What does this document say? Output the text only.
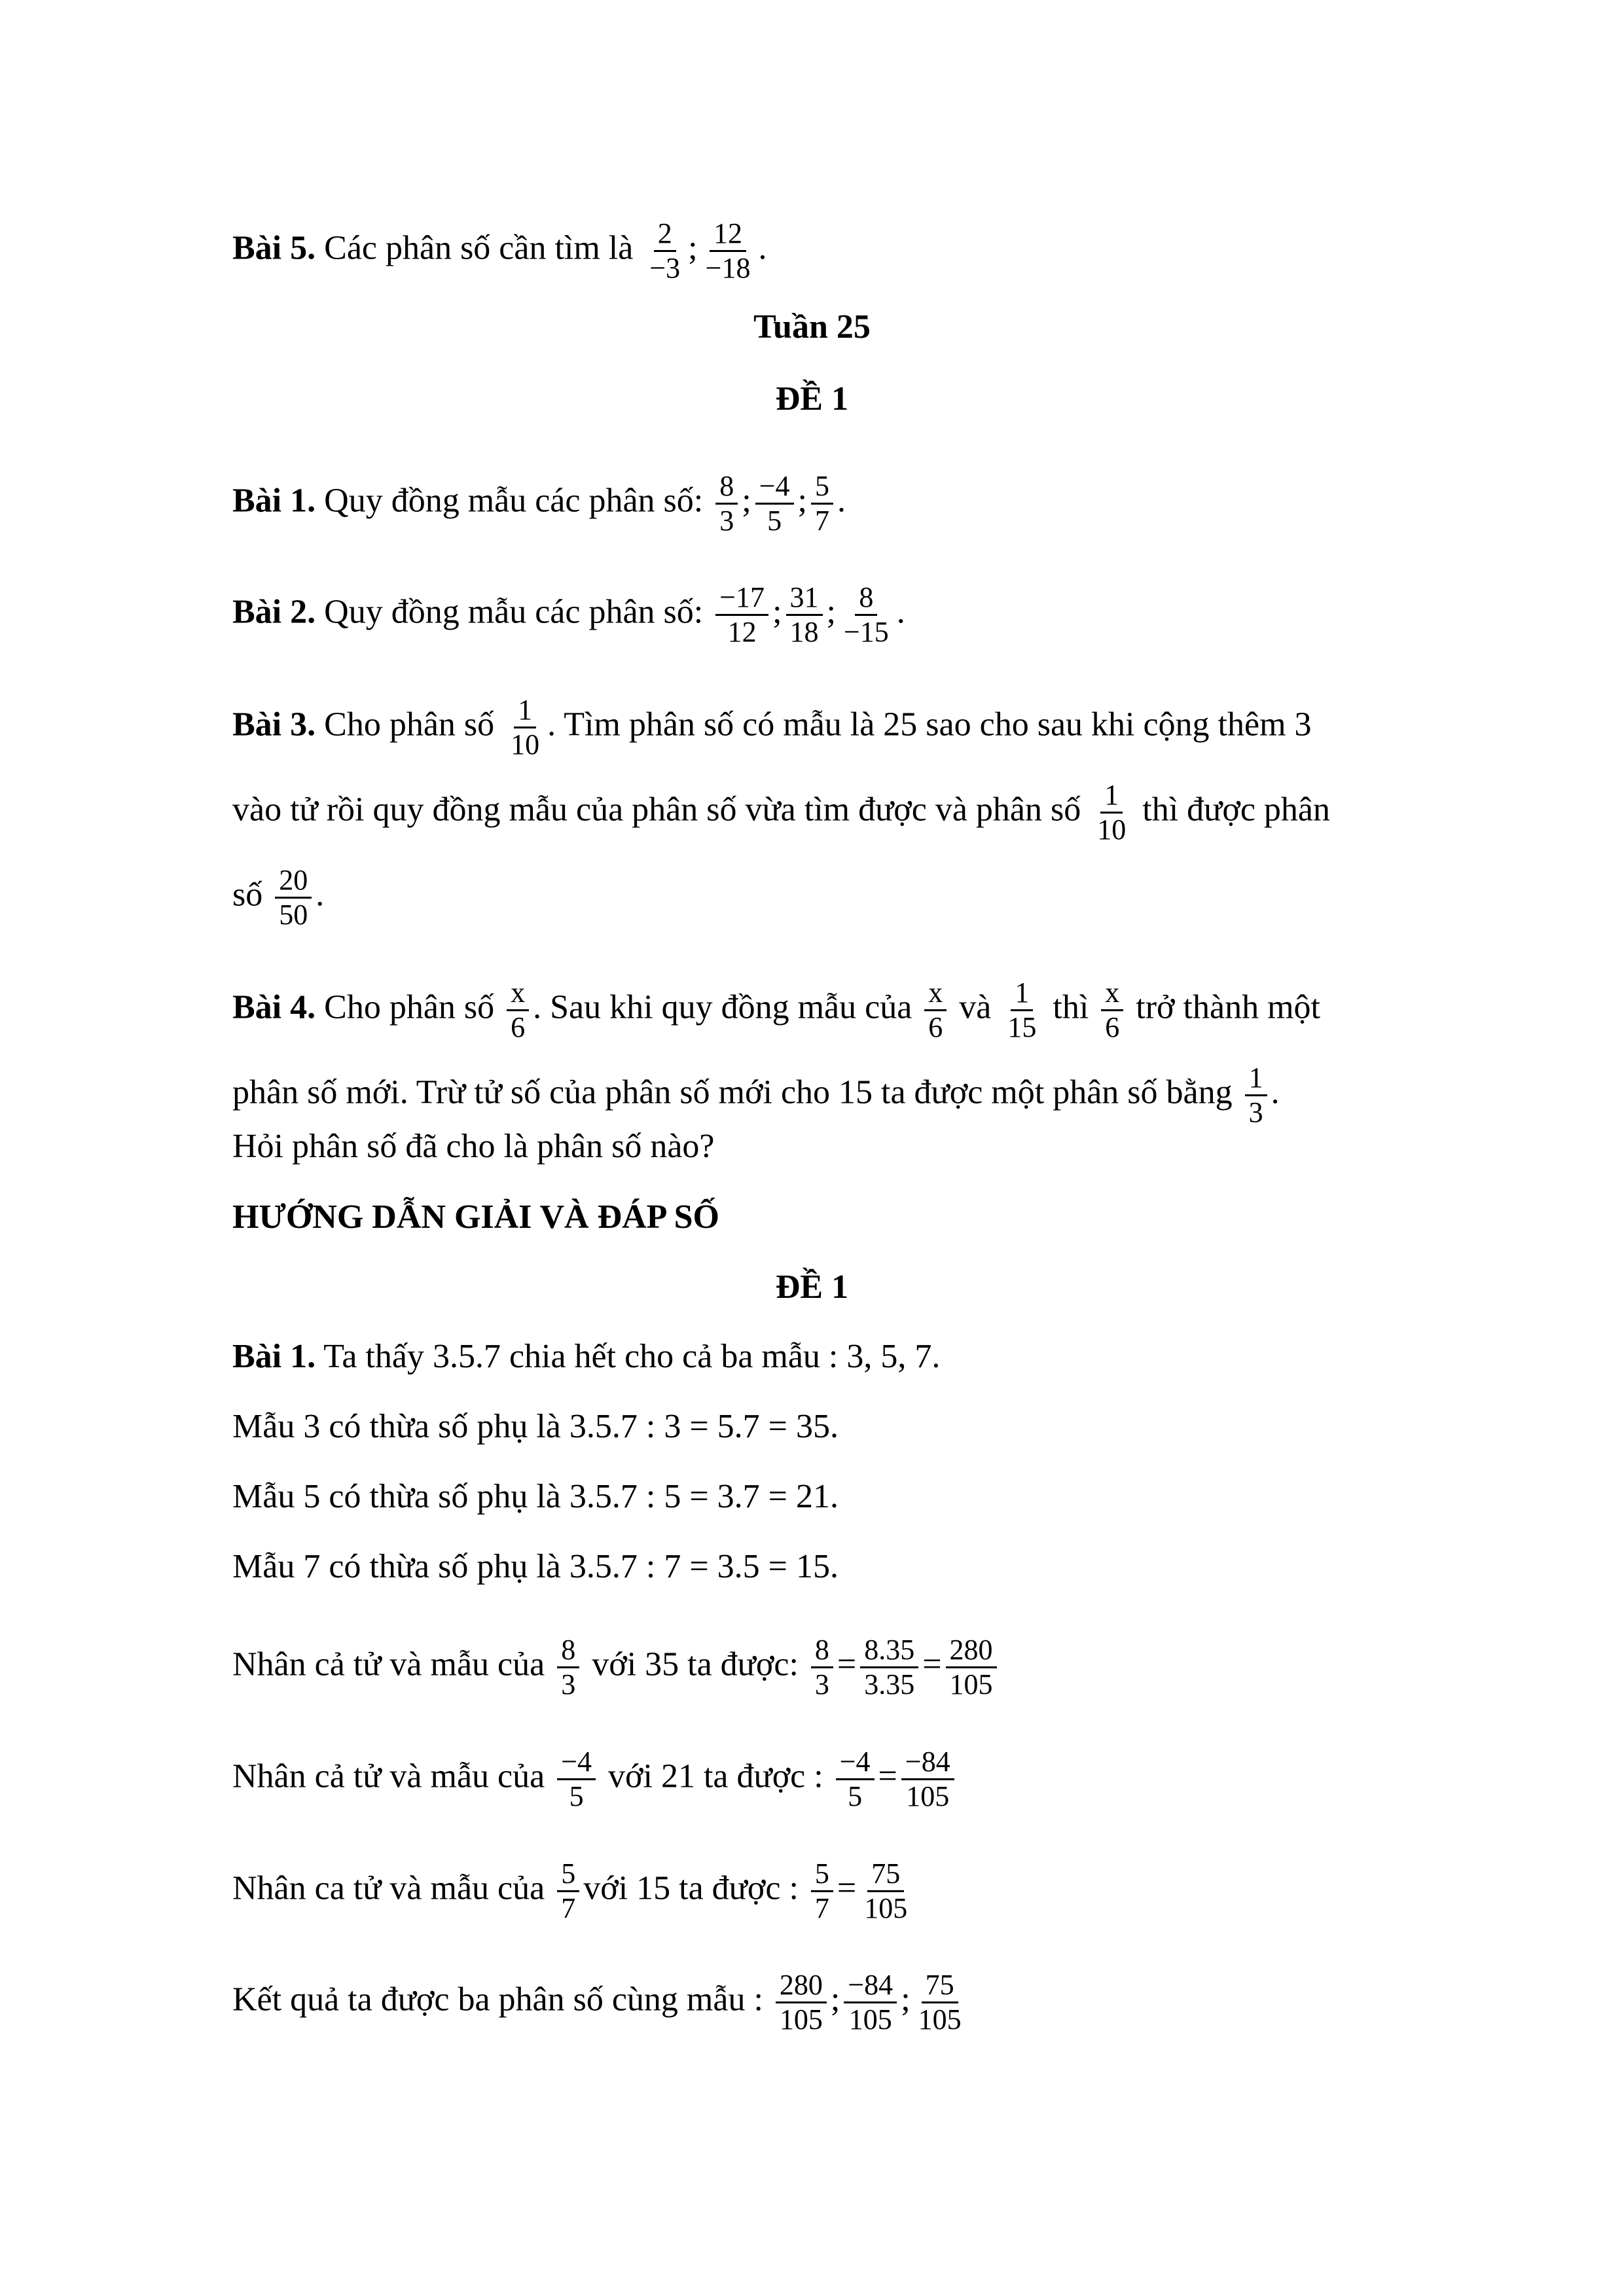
Bài 5. Các phân số cần tìm là $\frac{2}{-3}$ ; $\frac{12}{-18}$ .
Tuần 25
ĐỀ 1
Bài 1. Quy đồng mẫu các phân số: $\frac{8}{3}$ ; $\frac{-4}{5}$ ; $\frac{5}{7}$ .
Bài 2. Quy đồng mẫu các phân số: $\frac{-17}{12}$ ; $\frac{31}{18}$ ; $\frac{8}{-15}$ .
Bài 3. Cho phân số $\frac{1}{10}$ . Tìm phân số có mẫu là 25 sao cho sau khi cộng thêm 3
vào tử rồi quy đồng mẫu của phân số vừa tìm được và phân số $\frac{1}{10}$ thì được phân
số $\frac{20}{50}$ .
Bài 4. Cho phân số $\frac{x}{6}$ . Sau khi quy đồng mẫu của $\frac{x}{6}$ và $\frac{1}{15}$ thì $\frac{x}{6}$ trở thành một
phân số mới. Trừ tử số của phân số mới cho 15 ta được một phân số bằng $\frac{1}{3}$ .
Hỏi phân số đã cho là phân số nào?
HƯỚNG DẪN GIẢI VÀ ĐÁP SỐ
ĐỀ 1
Bài 1. Ta thấy 3.5.7 chia hết cho cả ba mẫu : 3, 5, 7.
Mẫu 3 có thừa số phụ là 3.5.7 : 3 = 5.7 = 35.
Mẫu 5 có thừa số phụ là 3.5.7 : 5 = 3.7 = 21.
Mẫu 7 có thừa số phụ là 3.5.7 : 7 = 3.5 = 15.
Nhân cả tử và mẫu của $\frac{8}{3}$ với 35 ta được: $\frac{8}{3} = \frac{8.35}{3.35} = \frac{280}{105}$
Nhân cả tử và mẫu của $\frac{-4}{5}$ với 21 ta được : $\frac{-4}{5} = \frac{-84}{105}$
Nhân ca tử và mẫu của $\frac{5}{7}$ với 15 ta được : $\frac{5}{7} = \frac{75}{105}$
Kết quả ta được ba phân số cùng mẫu : $\frac{280}{105}$ ; $\frac{-84}{105}$ ; $\frac{75}{105}$
